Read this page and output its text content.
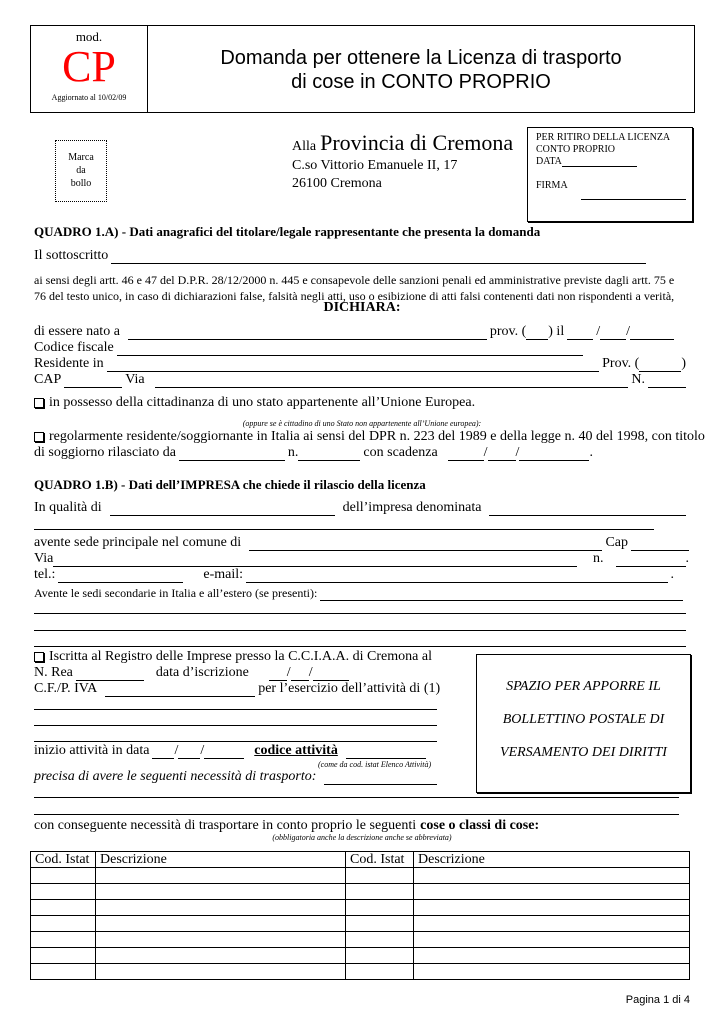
mod.
CP
Aggiornato al 10/02/09
Domanda per ottenere la Licenza di trasporto
di cose in CONTO PROPRIO
Marca
da
bollo
Alla Provincia di Cremona
C.so Vittorio Emanuele II, 17
26100 Cremona
PER RITIRO DELLA LICENZA
CONTO PROPRIO
DATA
FIRMA
QUADRO 1.A) - Dati anagrafici del titolare/legale rappresentante che presenta la domanda
Il sottoscritto
ai sensi degli artt. 46 e 47 del D.P.R. 28/12/2000 n. 445 e consapevole delle sanzioni penali ed amministrative previste dagli artt. 75 e
76 del testo unico, in caso di dichiarazioni false, falsità negli atti, uso o esibizione di atti falsi contenenti dati non rispondenti a verità,
DICHIARA:
di essere nato a	prov. ( ) il / /
Codice fiscale
Residente in	Prov. (	)
CAP	Via	N.
in possesso della cittadinanza di uno stato appartenente all’Unione Europea.
(oppure se è cittadino di uno Stato non appartenente all’Unione europea):
regolarmente residente/soggiornante in Italia ai sensi del DPR n. 223 del 1989 e della legge n. 40 del 1998, con titolo
di soggiorno rilasciato da	n.	con scadenza	/ /	.
QUADRO 1.B) - Dati dell’IMPRESA che chiede il rilascio della licenza
In qualità di	dell’impresa denominata
avente sede principale nel comune di	Cap
Via	n.	.
tel.:	e-mail:	.
Avente le sedi secondarie in Italia e all’estero (se presenti):
Iscritta al Registro delle Imprese presso la C.C.I.A.A. di Cremona al
N. Rea	data d’iscrizione	/ /
C.F./P. IVA	per l’esercizio dell’attività di (1)
inizio attività in data / /	codice attività
(come da cod. istat Elenco Attività)
precisa di avere le seguenti necessità di trasporto:
SPAZIO PER APPORRE IL
BOLLETTINO POSTALE DI
VERSAMENTO DEI DIRITTI
con conseguente necessità di trasportare in conto proprio le seguenti cose o classi di cose:
(obbligatoria anche la descrizione anche se abbreviata)
Cod. Istat	Descrizione	Cod. Istat	Descrizione

Pagina 1 di 4
